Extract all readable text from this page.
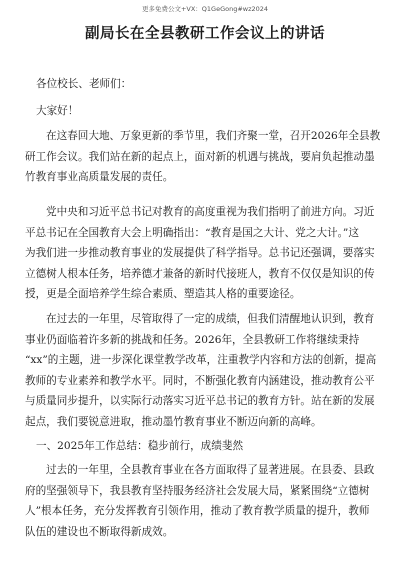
更多免费公文+VX：Q1GeGong#wz2024
副局长在全县教研工作会议上的讲话
各位校长、老师们：
大家好！
在这春回大地、万象更新的季节里，我们齐聚一堂，召开2026年全县教
研工作会议。我们站在新的起点上，面对新的机遇与挑战，要肩负起推动墨
竹教育事业高质量发展的责任。
党中央和习近平总书记对教育的高度重视为我们指明了前进方向。习近
平总书记在全国教育大会上明确指出：“教育是国之大计、党之大计。”这
为我们进一步推动教育事业的发展提供了科学指导。总书记还强调，要落实
立德树人根本任务，培养德才兼备的新时代接班人，教育不仅仅是知识的传
授，更是全面培养学生综合素质、塑造其人格的重要途径。
在过去的一年里，尽管取得了一定的成绩，但我们清醒地认识到，教育
事业仍面临着许多新的挑战和任务。2026年，全县教研工作将继续秉持
“xx”的主题，进一步深化课堂教学改革，注重教学内容和方法的创新，提高
教师的专业素养和教学水平。同时，不断强化教育内涵建设，推动教育公平
与质量同步提升，以实际行动落实习近平总书记的教育方针。站在新的发展
起点，我们要锐意进取，推动墨竹教育事业不断迈向新的高峰。
一、2025年工作总结：稳步前行，成绩斐然
过去的一年里，全县教育事业在各方面取得了显著进展。在县委、县政
府的坚强领导下，我县教育坚持服务经济社会发展大局，紧紧围绕“立德树
人”根本任务，充分发挥教育引领作用，推动了教育教学质量的提升，教师
队伍的建设也不断取得新成效。
